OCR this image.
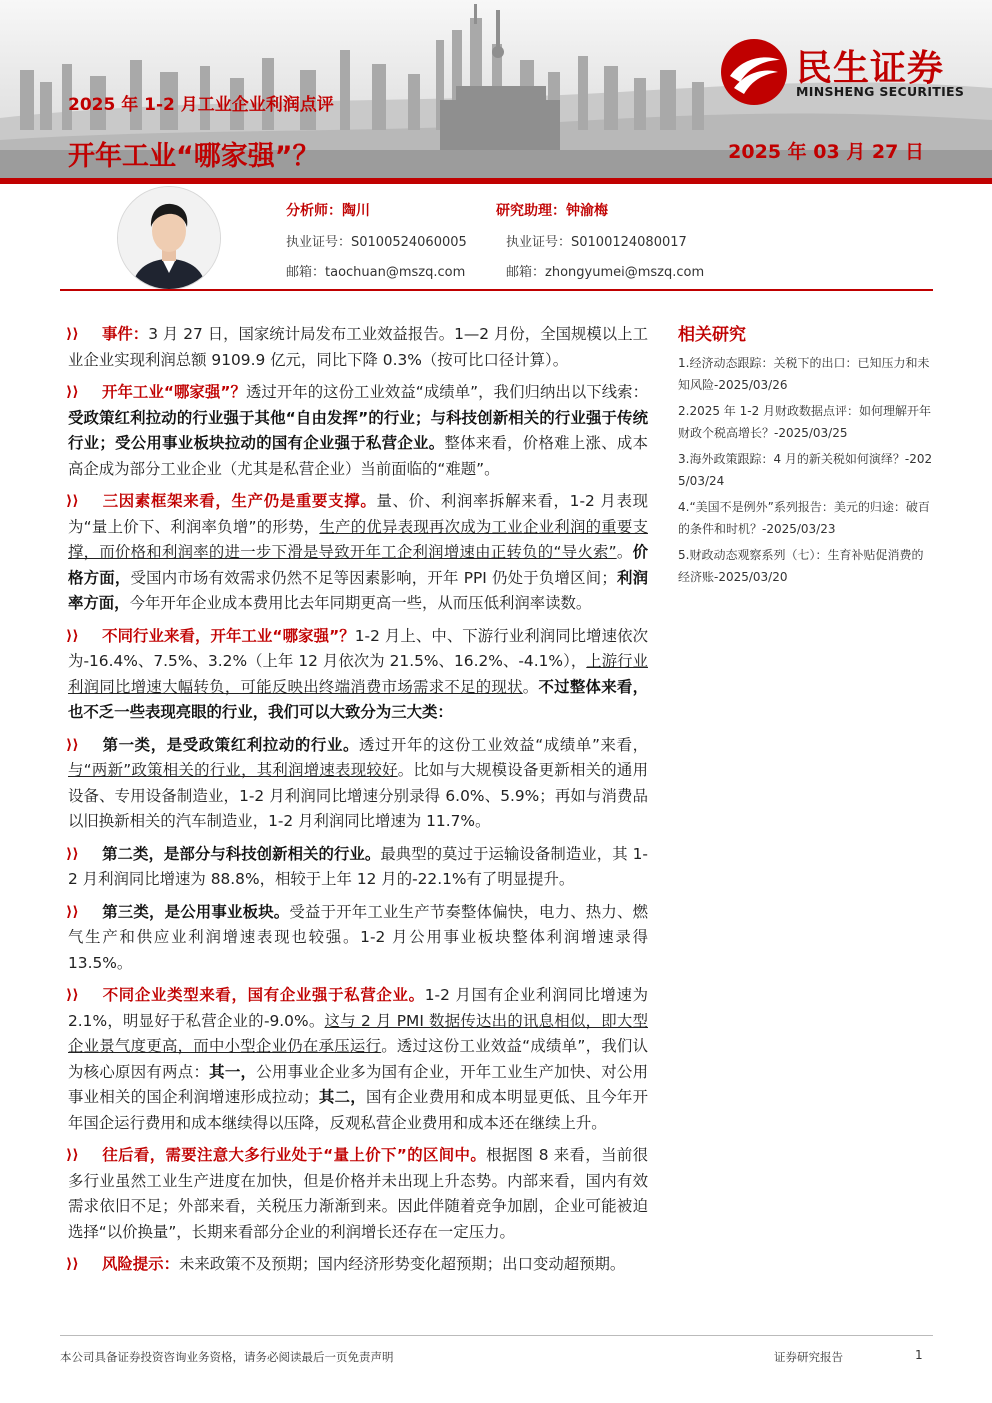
2025 年 1-2 月工业企业利润点评
开年工业“哪家强”？	2025 年 03 月 27 日
民生证券
MINSHENG SECURITIES
分析师：陶川
执业证号：S0100524060005
邮箱：taochuan@mszq.com
研究助理：钟渝梅
执业证号：S0100124080017
邮箱：zhongyumei@mszq.com
⟩⟩ 事件：3 月 27 日，国家统计局发布工业效益报告。1—2 月份，全国规模以上工业企业实现利润总额 9109.9 亿元，同比下降 0.3%（按可比口径计算）。
⟩⟩ 开年工业“哪家强”？透过开年的这份工业效益“成绩单”，我们归纳出以下线索：受政策红利拉动的行业强于其他“自由发挥”的行业；与科技创新相关的行业强于传统行业；受公用事业板块拉动的国有企业强于私营企业。整体来看，价格难上涨、成本高企成为部分工业企业（尤其是私营企业）当前面临的“难题”。
⟩⟩ 三因素框架来看，生产仍是重要支撑。量、价、利润率拆解来看，1-2 月表现为“量上价下、利润率负增”的形势，生产的优异表现再次成为工业企业利润的重要支撑，而价格和利润率的进一步下滑是导致开年工企利润增速由正转负的“导火索”。价格方面，受国内市场有效需求仍然不足等因素影响，开年 PPI 仍处于负增区间；利润率方面，今年开年企业成本费用比去年同期更高一些，从而压低利润率读数。
⟩⟩ 不同行业来看，开年工业“哪家强”？1-2 月上、中、下游行业利润同比增速依次为-16.4%、7.5%、3.2%（上年 12 月依次为 21.5%、16.2%、-4.1%），上游行业利润同比增速大幅转负，可能反映出终端消费市场需求不足的现状。不过整体来看，也不乏一些表现亮眼的行业，我们可以大致分为三大类：
⟩⟩ 第一类，是受政策红利拉动的行业。透过开年的这份工业效益“成绩单”来看，与“两新”政策相关的行业，其利润增速表现较好。比如与大规模设备更新相关的通用设备、专用设备制造业，1-2 月利润同比增速分别录得 6.0%、5.9%；再如与消费品以旧换新相关的汽车制造业，1-2 月利润同比增速为 11.7%。
⟩⟩ 第二类，是部分与科技创新相关的行业。最典型的莫过于运输设备制造业，其 1-2 月利润同比增速为 88.8%，相较于上年 12 月的-22.1%有了明显提升。
⟩⟩ 第三类，是公用事业板块。受益于开年工业生产节奏整体偏快，电力、热力、燃气生产和供应业利润增速表现也较强。1-2 月公用事业板块整体利润增速录得 13.5%。
⟩⟩ 不同企业类型来看，国有企业强于私营企业。1-2 月国有企业利润同比增速为 2.1%，明显好于私营企业的-9.0%。这与 2 月 PMI 数据传达出的讯息相似，即大型企业景气度更高，而中小型企业仍在承压运行。透过这份工业效益“成绩单”，我们认为核心原因有两点：其一，公用事业企业多为国有企业，开年工业生产加快、对公用事业相关的国企利润增速形成拉动；其二，国有企业费用和成本明显更低、且今年开年国企运行费用和成本继续得以压降，反观私营企业费用和成本还在继续上升。
⟩⟩ 往后看，需要注意大多行业处于“量上价下”的区间中。根据图 8 来看，当前很多行业虽然工业生产进度在加快，但是价格并未出现上升态势。内部来看，国内有效需求依旧不足；外部来看，关税压力渐渐到来。因此伴随着竞争加剧，企业可能被迫选择“以价换量”，长期来看部分企业的利润增长还存在一定压力。
⟩⟩ 风险提示：未来政策不及预期；国内经济形势变化超预期；出口变动超预期。
相关研究
1.经济动态跟踪：关税下的出口：已知压力和未知风险-2025/03/26
2.2025 年 1-2 月财政数据点评：如何理解开年财政个税高增长？-2025/03/25
3.海外政策跟踪：4 月的新关税如何演绎？-2025/03/24
4.“美国不是例外”系列报告：美元的归途：破百的条件和时机？-2025/03/23
5.财政动态观察系列（七）：生育补贴促消费的经济账-2025/03/20
本公司具备证券投资咨询业务资格，请务必阅读最后一页免责声明	证券研究报告	1
